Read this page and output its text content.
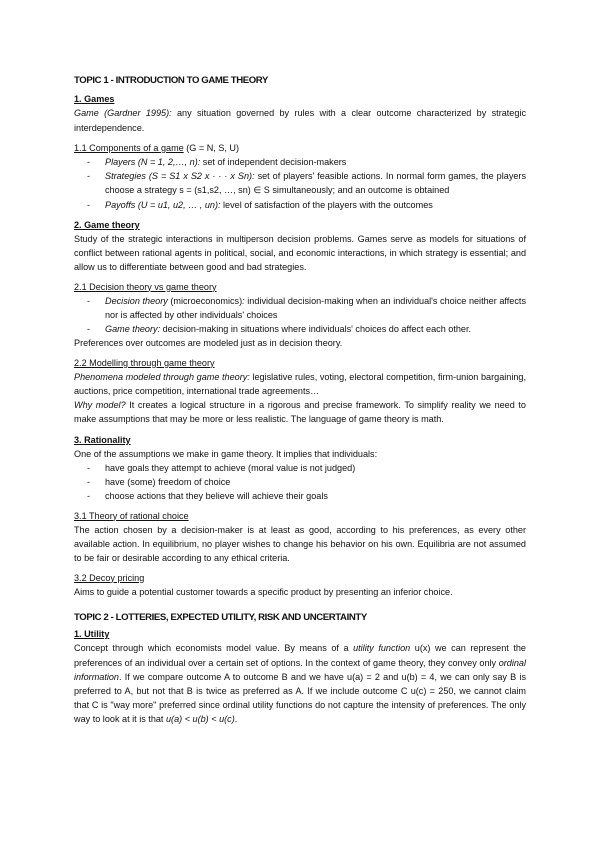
TOPIC 1 - INTRODUCTION TO GAME THEORY
1. Games

Game (Gardner 1995): any situation governed by rules with a clear outcome characterized by strategic interdependence.

1.1 Components of a game (G = N, S, U)
- Players (N = 1, 2,…, n): set of independent decision-makers
- Strategies (S = S1 x S2 x · · · x Sn): set of players' feasible actions. In normal form games, the players choose a strategy s = (s1,s2, …, sn) ∈ S simultaneously; and an outcome is obtained
- Payoffs (U = u1, u2, … , un): level of satisfaction of the players with the outcomes
2. Game theory

Study of the strategic interactions in multiperson decision problems. Games serve as models for situations of conflict between rational agents in political, social, and economic interactions, in which strategy is essential; and allow us to differentiate between good and bad strategies.

2.1 Decision theory vs game theory
- Decision theory (microeconomics): individual decision-making when an individual's choice neither affects nor is affected by other individuals' choices
- Game theory: decision-making in situations where individuals' choices do affect each other.

Preferences over outcomes are modeled just as in decision theory.

2.2 Modelling through game theory

Phenomena modeled through game theory: legislative rules, voting, electoral competition, firm-union bargaining, auctions, price competition, international trade agreements…

Why model? It creates a logical structure in a rigorous and precise framework. To simplify reality we need to make assumptions that may be more or less realistic. The language of game theory is math.

3. Rationality

One of the assumptions we make in game theory. It implies that individuals:

- have goals they attempt to achieve (moral value is not judged)
- have (some) freedom of choice
- choose actions that they believe will achieve their goals
3.1 Theory of rational choice

The action chosen by a decision-maker is at least as good, according to his preferences, as every other available action. In equilibrium, no player wishes to change his behavior on his own. Equilibria are not assumed to be fair or desirable according to any ethical criteria.

3.2 Decoy pricing

Aims to guide a potential customer towards a specific product by presenting an inferior choice.

TOPIC 2 - LOTTERIES, EXPECTED UTILITY, RISK AND UNCERTAINTY
1. Utility

Concept through which economists model value. By means of a utility function u(x) we can represent the preferences of an individual over a certain set of options. In the context of game theory, they convey only ordinal information. If we compare outcome A to outcome B and we have u(a) = 2 and u(b) = 4, we can only say B is preferred to A, but not that B is twice as preferred as A. If we include outcome C u(c) = 250, we cannot claim that C is "way more" preferred since ordinal utility functions do not capture the intensity of preferences. The only way to look at it is that u(a) < u(b) < u(c).
